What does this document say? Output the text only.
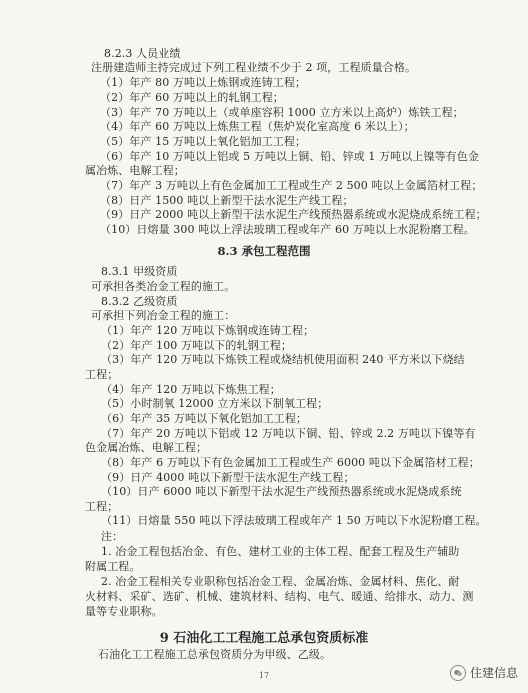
8.2.3 人员业绩
注册建造师主持完成过下列工程业绩不少于 2 项，工程质量合格。
（1）年产 80 万吨以上炼钢或连铸工程；
（2）年产 60 万吨以上的轧钢工程；
（3）年产 70 万吨以上（或单座容积 1000 立方米以上高炉）炼铁工程；
（4）年产 60 万吨以上炼焦工程（焦炉炭化室高度 6 米以上）；
（5）年产 15 万吨以上氧化铝加工工程；
（6）年产 10 万吨以上铝或 5 万吨以上铜、铅、锌或 1 万吨以上镍等有色金
属冶炼、电解工程；
（7）年产 3 万吨以上有色金属加工工程或生产 2 500 吨以上金属箔材工程；
（8）日产 1500 吨以上新型干法水泥生产线工程；
（9）日产 2000 吨以上新型干法水泥生产线预热器系统或水泥烧成系统工程；
（10）日熔量 300 吨以上浮法玻璃工程或年产 60 万吨以上水泥粉磨工程。
8.3 承包工程范围
8.3.1 甲级资质
可承担各类冶金工程的施工。
8.3.2 乙级资质
可承担下列冶金工程的施工：
（1）年产 120 万吨以下炼钢或连铸工程；
（2）年产 100 万吨以下的轧钢工程；
（3）年产 120 万吨以下炼铁工程或烧结机使用面积 240 平方米以下烧结
工程；
（4）年产 120 万吨以下炼焦工程；
（5）小时制氧 12000 立方米以下制氧工程；
（6）年产 35 万吨以下氧化铝加工工程；
（7）年产 20 万吨以下铝或 12 万吨以下铜、铅、锌或 2.2 万吨以下镍等有
色金属冶炼、电解工程；
（8）年产 6 万吨以下有色金属加工工程或生产 6000 吨以下金属箔材工程；
（9）日产 4000 吨以下新型干法水泥生产线工程；
（10）日产 6000 吨以下新型干法水泥生产线预热器系统或水泥烧成系统
工程；
（11）日熔量 550 吨以下浮法玻璃工程或年产 1 50 万吨以下水泥粉磨工程。
注：
1. 冶金工程包括冶金、有色、建材工业的主体工程、配套工程及生产辅助
附属工程。
2. 冶金工程相关专业职称包括冶金工程、金属冶炼、金属材料、焦化、耐
火材料、采矿、选矿、机械、建筑材料、结构、电气、暖通、给排水、动力、测
量等专业职称。
9 石油化工工程施工总承包资质标准
石油化工工程施工总承包资质分为甲级、乙级。
17	住建信息
